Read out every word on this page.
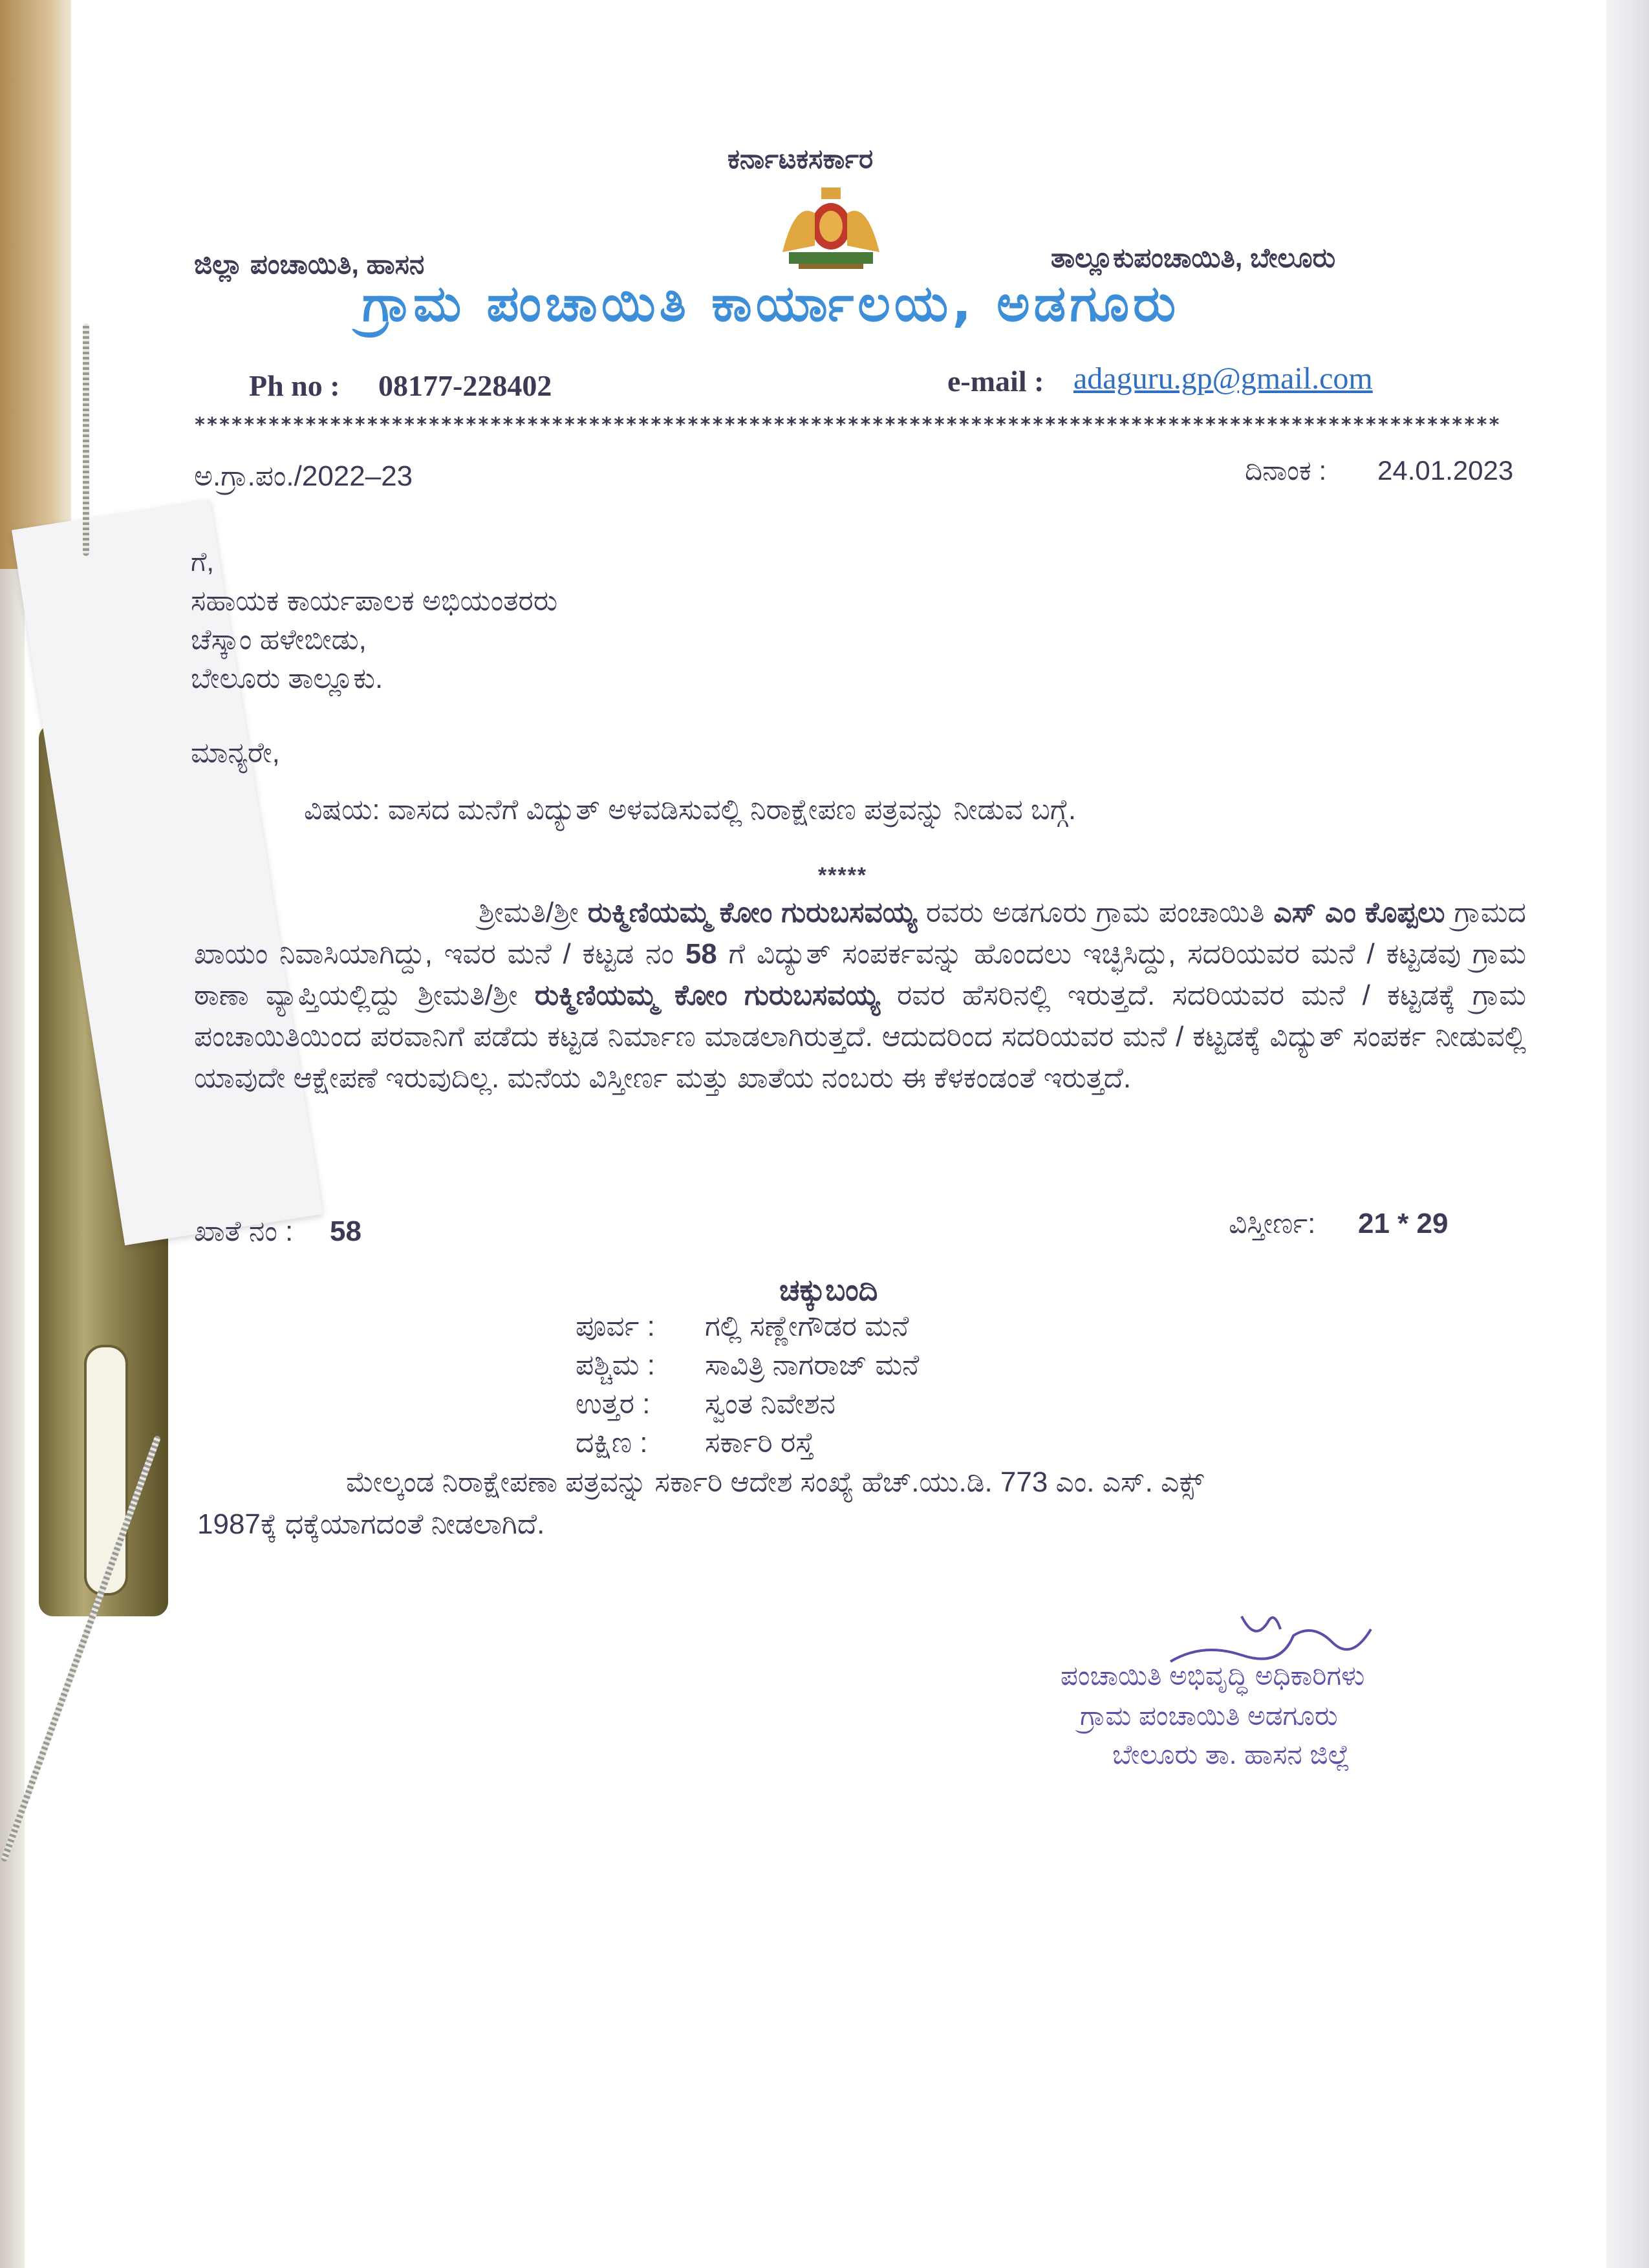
ಕರ್ನಾಟಕಸರ್ಕಾರ
ಜಿಲ್ಲಾ ಪಂಚಾಯಿತಿ, ಹಾಸನ	ತಾಲ್ಲೂಕುಪಂಚಾಯಿತಿ, ಬೇಲೂರು
ಗ್ರಾಮ ಪಂಚಾಯಿತಿ ಕಾರ್ಯಾಲಯ, ಅಡಗೂರು
Ph no : 08177-228402	e-mail : adaguru.gp@gmail.com
**********************************************************************************************************
ಅ.ಗ್ರಾ.ಪಂ./2022–23	ದಿನಾಂಕ : 24.01.2023
ಗೆ,
ಸಹಾಯಕ ಕಾರ್ಯಪಾಲಕ ಅಭಿಯಂತರರು
ಚೆಸ್ಕಾಂ ಹಳೇಬೀಡು,
ಬೇಲೂರು ತಾಲ್ಲೂಕು.
ಮಾನ್ಯರೇ,
ವಿಷಯ: ವಾಸದ ಮನೆಗೆ ವಿದ್ಯುತ್ ಅಳವಡಿಸುವಲ್ಲಿ ನಿರಾಕ್ಷೇಪಣ ಪತ್ರವನ್ನು ನೀಡುವ ಬಗ್ಗೆ.
*****
ಶ್ರೀಮತಿ/ಶ್ರೀ ರುಕ್ಮಿಣಿಯಮ್ಮ ಕೋಂ ಗುರುಬಸವಯ್ಯ ರವರು ಅಡಗೂರು ಗ್ರಾಮ ಪಂಚಾಯಿತಿ ಎಸ್ ಎಂ ಕೊಪ್ಪಲು ಗ್ರಾಮದ ಖಾಯಂ ನಿವಾಸಿಯಾಗಿದ್ದು, ಇವರ ಮನೆ / ಕಟ್ಟಡ ನಂ 58 ಗೆ ವಿದ್ಯುತ್ ಸಂಪರ್ಕವನ್ನು ಹೊಂದಲು ಇಚ್ಛಿಸಿದ್ದು, ಸದರಿಯವರ ಮನೆ / ಕಟ್ಟಡವು ಗ್ರಾಮ ಠಾಣಾ ವ್ಯಾಪ್ತಿಯಲ್ಲಿದ್ದು ಶ್ರೀಮತಿ/ಶ್ರೀ ರುಕ್ಮಿಣಿಯಮ್ಮ ಕೋಂ ಗುರುಬಸವಯ್ಯ ರವರ ಹೆಸರಿನಲ್ಲಿ ಇರುತ್ತದೆ. ಸದರಿಯವರ ಮನೆ / ಕಟ್ಟಡಕ್ಕೆ ಗ್ರಾಮ ಪಂಚಾಯಿತಿಯಿಂದ ಪರವಾನಿಗೆ ಪಡೆದು ಕಟ್ಟಡ ನಿರ್ಮಾಣ ಮಾಡಲಾಗಿರುತ್ತದೆ. ಆದುದರಿಂದ ಸದರಿಯವರ ಮನೆ / ಕಟ್ಟಡಕ್ಕೆ ವಿದ್ಯುತ್ ಸಂಪರ್ಕ ನೀಡುವಲ್ಲಿ ಯಾವುದೇ ಆಕ್ಷೇಪಣೆ ಇರುವುದಿಲ್ಲ. ಮನೆಯ ವಿಸ್ತೀರ್ಣ ಮತ್ತು ಖಾತೆಯ ನಂಬರು ಈ ಕೆಳಕಂಡಂತೆ ಇರುತ್ತದೆ.
ಖಾತೆ ನಂ : 58	ವಿಸ್ತೀರ್ಣ: 21 * 29
ಚಕ್ಕುಬಂದಿ
ಪೂರ್ವ : ಗಲ್ಲಿ ಸಣ್ಣೇಗೌಡರ ಮನೆ
ಪಶ್ಚಿಮ : ಸಾವಿತ್ರಿ ನಾಗರಾಜ್ ಮನೆ
ಉತ್ತರ : ಸ್ವಂತ ನಿವೇಶನ
ದಕ್ಷಿಣ : ಸರ್ಕಾರಿ ರಸ್ತೆ
ಮೇಲ್ಕಂಡ ನಿರಾಕ್ಷೇಪಣಾ ಪತ್ರವನ್ನು ಸರ್ಕಾರಿ ಆದೇಶ ಸಂಖ್ಯೆ ಹೆಚ್.ಯು.ಡಿ. 773 ಎಂ. ಎಸ್. ಎಕ್ಸ್
1987ಕ್ಕೆ ಧಕ್ಕೆಯಾಗದಂತೆ ನೀಡಲಾಗಿದೆ.
ಪಂಚಾಯಿತಿ ಅಭಿವೃದ್ಧಿ ಅಧಿಕಾರಿಗಳು
ಗ್ರಾಮ ಪಂಚಾಯಿತಿ ಅಡಗೂರು
ಬೇಲೂರು ತಾ. ಹಾಸನ ಜಿಲ್ಲೆ
